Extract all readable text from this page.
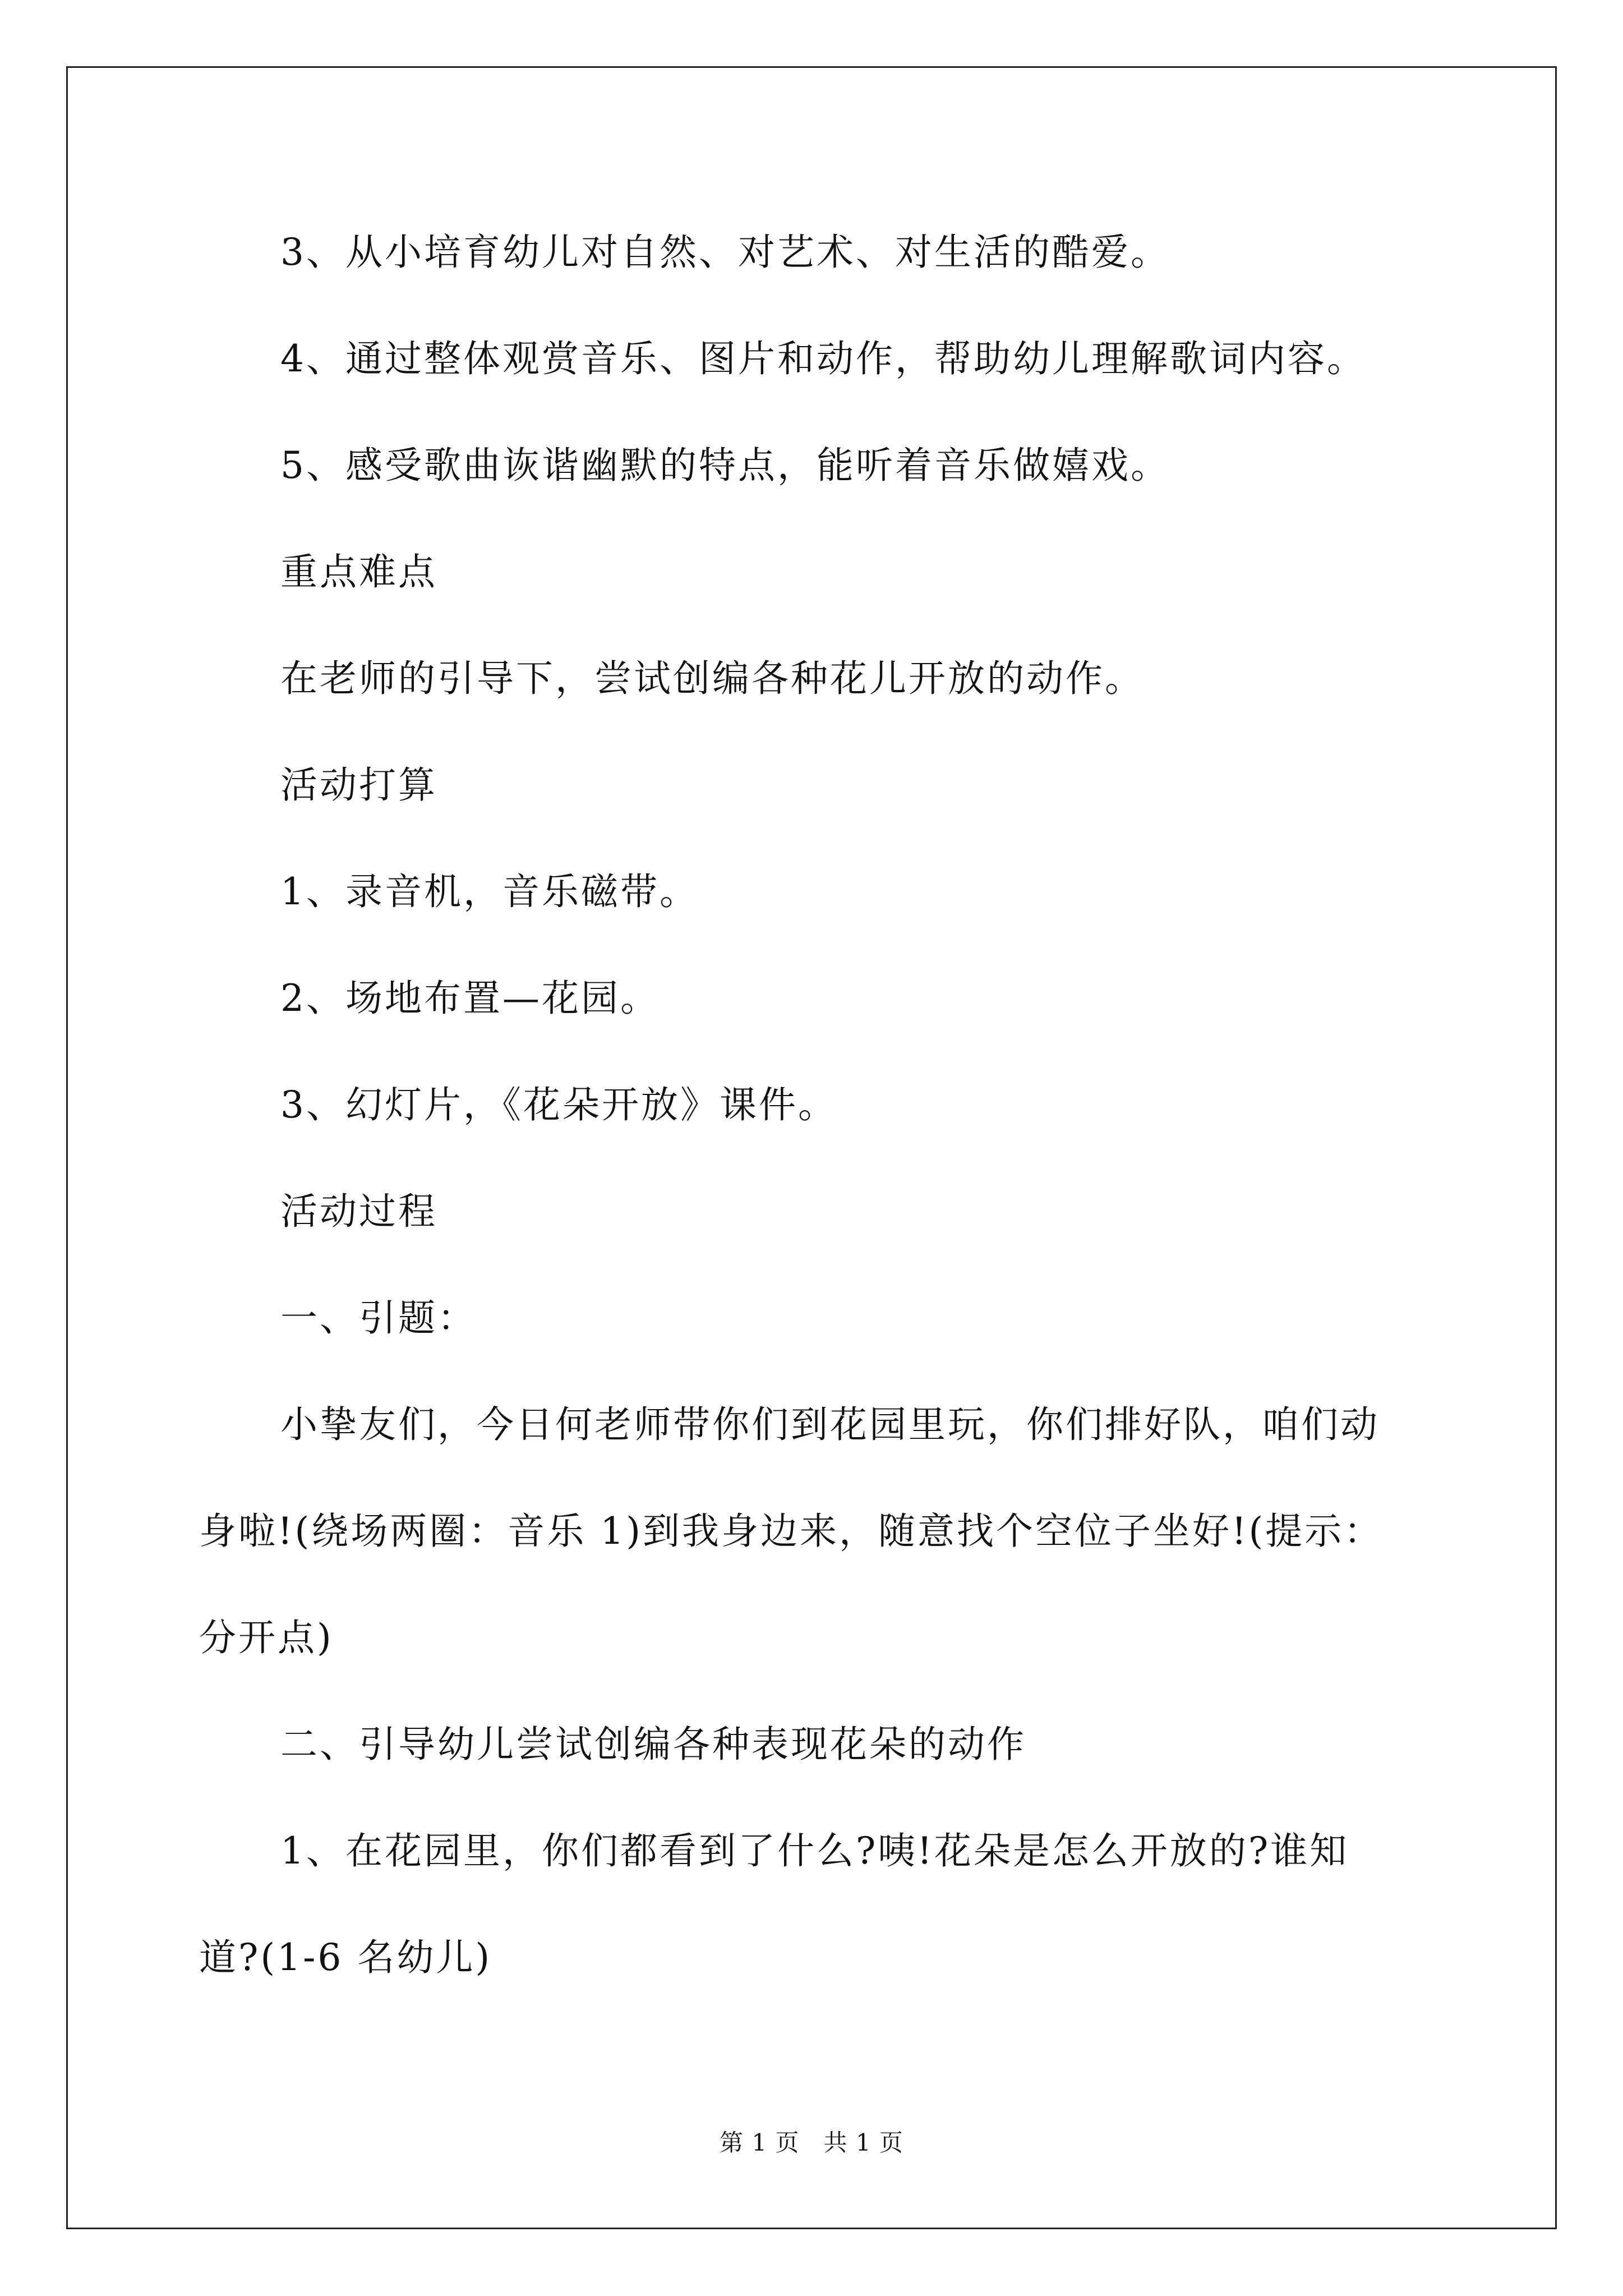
3、从小培育幼儿对自然、对艺术、对生活的酷爱。
4、通过整体观赏音乐、图片和动作，帮助幼儿理解歌词内容。
5、感受歌曲诙谐幽默的特点，能听着音乐做嬉戏。
重点难点
在老师的引导下，尝试创编各种花儿开放的动作。
活动打算
1、录音机，音乐磁带。
2、场地布置—花园。
3、幻灯片，《花朵开放》课件。
活动过程
一、引题：
小挚友们，今日何老师带你们到花园里玩，你们排好队，咱们动
身啦!(绕场两圈：音乐 1)到我身边来，随意找个空位子坐好!(提示：
分开点)
二、引导幼儿尝试创编各种表现花朵的动作
1、在花园里，你们都看到了什么?咦!花朵是怎么开放的?谁知
道?(1-6 名幼儿)
第 1 页　共 1 页
